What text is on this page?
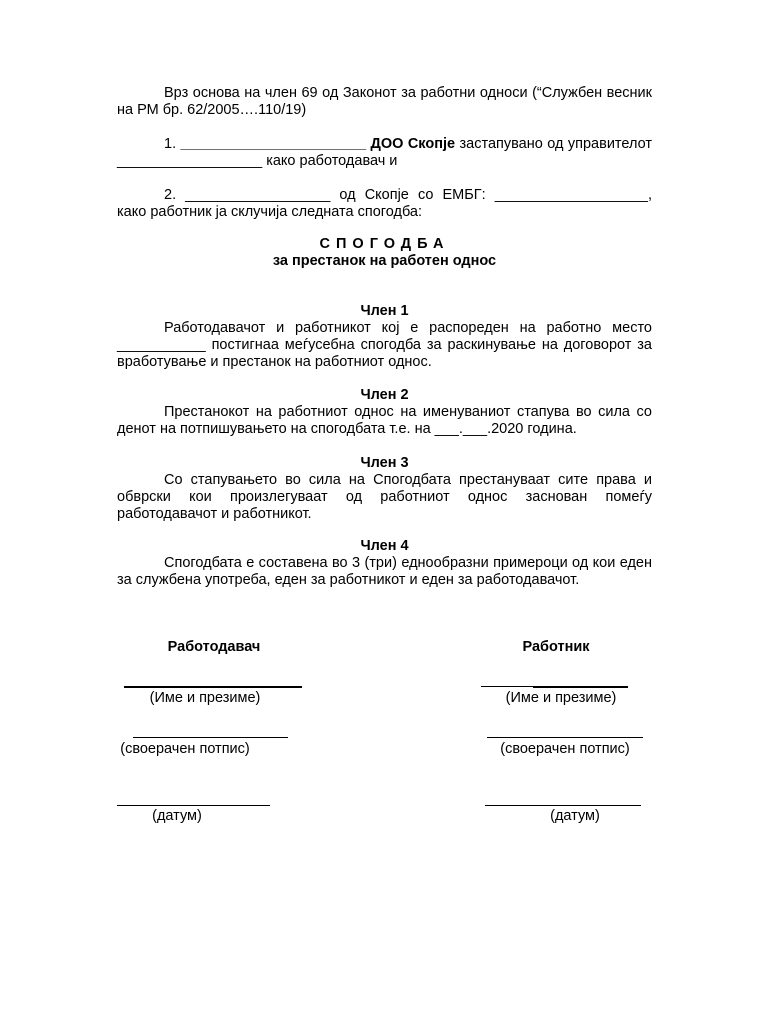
Врз основа на член 69 од Законот за работни односи (“Службен весник на РМ бр. 62/2005….110/19)
1. _______________________ ДОО Скопје застапувано од управителот __________________ како работодавач и
2. __________________ од Скопје со ЕМБГ: ___________________, како работник ја склучија следната спогодба:
СПОГОДБА
за престанок на работен однос
Член 1
Работодавачот и работникот кој е распореден на работно место ___________ постигнаа меѓусебна спогодба за раскинување на договорот за вработување и престанок на работниот однос.
Член 2
Престанокот на работниот однос на именуваниот стапува во сила со денот на потпишувањето на спогодбата т.е. на ___.___.2020 година.
Член 3
Со стапувањето во сила на Спогодбата престануваат сите права и обврски кои произлегуваат од работниот однос заснован помеѓу работодавачот и работникот.
Член 4
Спогодбата е составена во 3 (три) еднообразни примероци од кои еден за службена употреба, еден за работникот и еден за работодавачот.
Работодавач
(Име и презиме)
(своерачен потпис)
(датум)
Работник
(Име и презиме)
(своерачен потпис)
(датум)
